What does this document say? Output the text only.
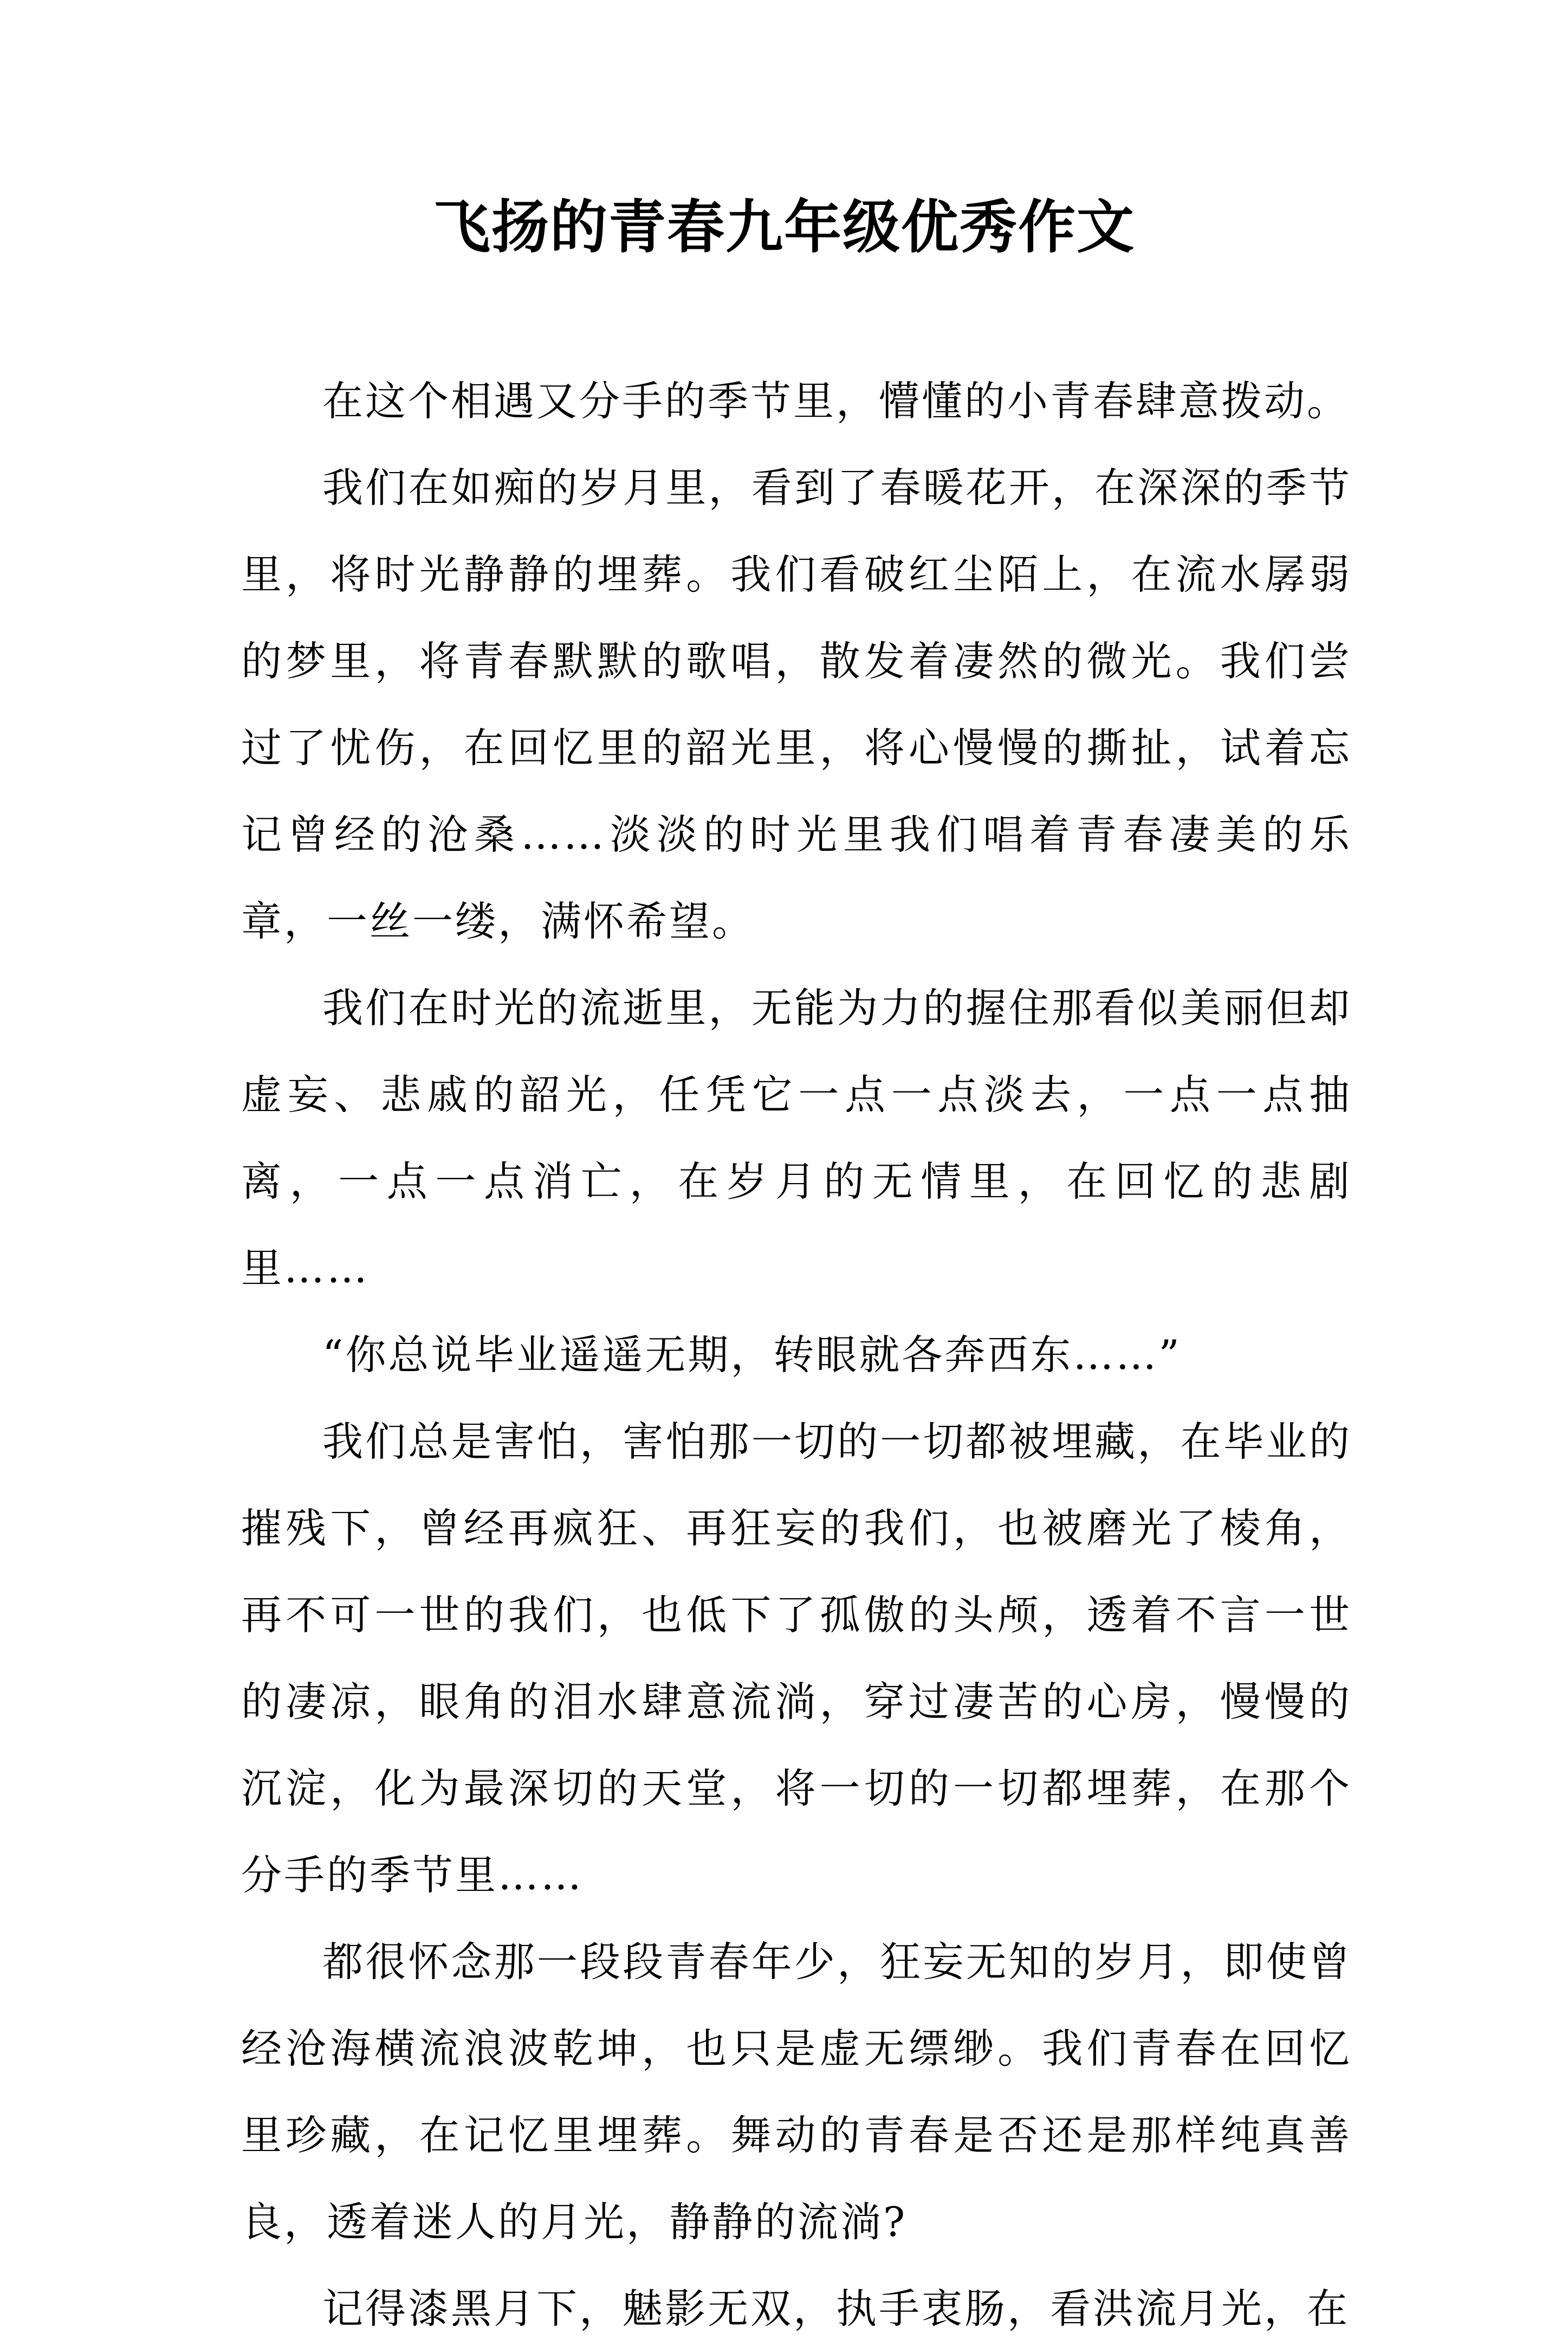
飞扬的青春九年级优秀作文

在这个相遇又分手的季节里，懵懂的小青春肆意拨动。

我们在如痴的岁月里，看到了春暖花开，在深深的季节里，将时光静静的埋葬。我们看破红尘陌上，在流水孱弱的梦里，将青春默默的歌唱，散发着凄然的微光。我们尝过了忧伤，在回忆里的韶光里，将心慢慢的撕扯，试着忘记曾经的沧桑……淡淡的时光里我们唱着青春凄美的乐章，一丝一缕，满怀希望。

我们在时光的流逝里，无能为力的握住那看似美丽但却虚妄、悲戚的韶光，任凭它一点一点淡去，一点一点抽离，一点一点消亡，在岁月的无情里，在回忆的悲剧里……

“你总说毕业遥遥无期，转眼就各奔西东……”

我们总是害怕，害怕那一切的一切都被埋藏，在毕业的摧残下，曾经再疯狂、再狂妄的我们，也被磨光了棱角，再不可一世的我们，也低下了孤傲的头颅，透着不言一世的凄凉，眼角的泪水肆意流淌，穿过凄苦的心房，慢慢的沉淀，化为最深切的天堂，将一切的一切都埋葬，在那个分手的季节里……

都很怀念那一段段青春年少，狂妄无知的岁月，即使曾经沧海横流浪波乾坤，也只是虚无缥缈。我们青春在回忆里珍藏，在记忆里埋葬。舞动的青春是否还是那样纯真善良，透着迷人的月光，静静的流淌?

记得漆黑月下，魅影无双，执手衷肠，看洪流月光，在
